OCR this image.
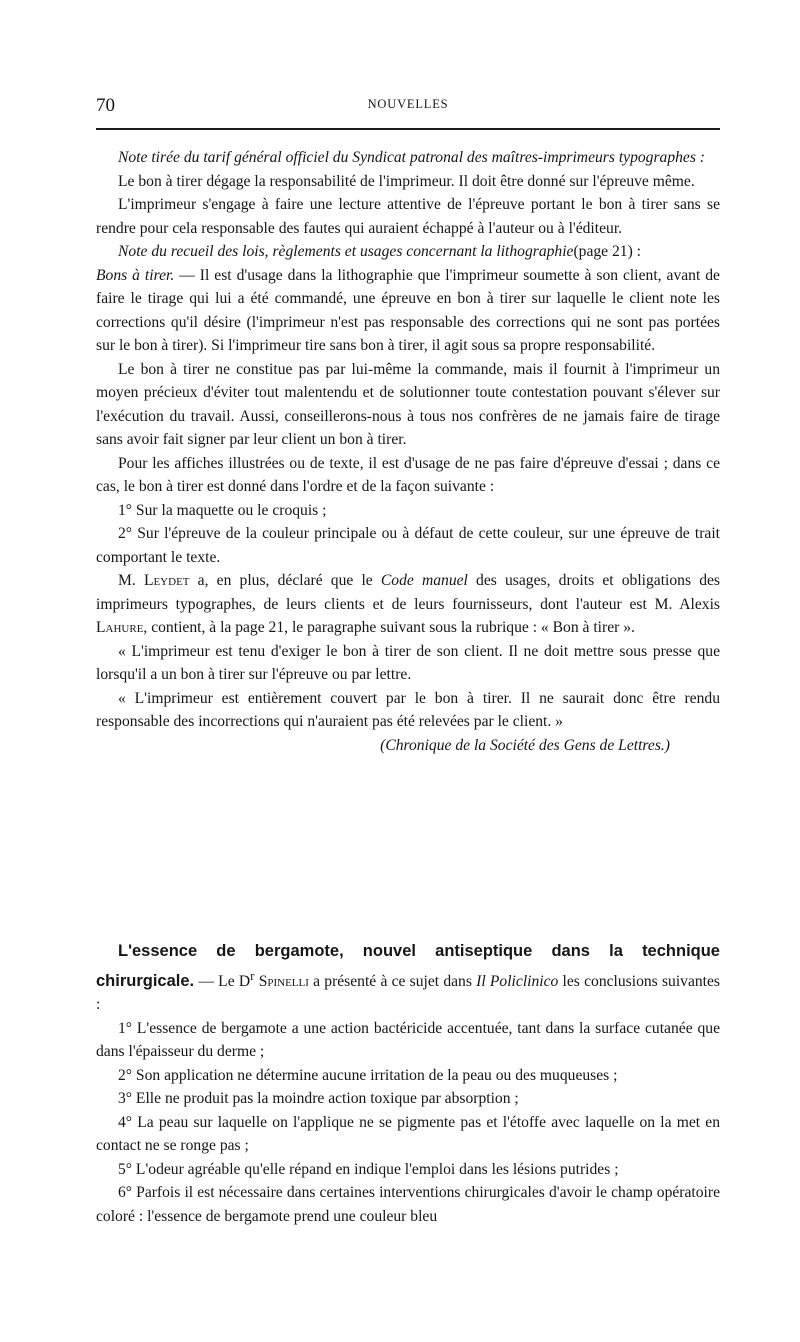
70	NOUVELLES

Note tirée du tarif général officiel du Syndicat patronal des maîtres-imprimeurs typographes :

Le bon à tirer dégage la responsabilité de l'imprimeur. Il doit être donné sur l'épreuve même.

L'imprimeur s'engage à faire une lecture attentive de l'épreuve portant le bon à tirer sans se rendre pour cela responsable des fautes qui auraient échappé à l'auteur ou à l'éditeur.

Note du recueil des lois, règlements et usages concernant la lithographie(page 21) :

Bons à tirer. — Il est d'usage dans la lithographie que l'imprimeur soumette à son client, avant de faire le tirage qui lui a été commandé, une épreuve en bon à tirer sur laquelle le client note les corrections qu'il désire (l'imprimeur n'est pas responsable des corrections qui ne sont pas portées sur le bon à tirer). Si l'imprimeur tire sans bon à tirer, il agit sous sa propre responsabilité.

Le bon à tirer ne constitue pas par lui-même la commande, mais il fournit à l'imprimeur un moyen précieux d'éviter tout malentendu et de solutionner toute contestation pouvant s'élever sur l'exécution du travail. Aussi, conseillerons-nous à tous nos confrères de ne jamais faire de tirage sans avoir fait signer par leur client un bon à tirer.

Pour les affiches illustrées ou de texte, il est d'usage de ne pas faire d'épreuve d'essai ; dans ce cas, le bon à tirer est donné dans l'ordre et de la façon suivante :

1° Sur la maquette ou le croquis ;

2° Sur l'épreuve de la couleur principale ou à défaut de cette couleur, sur une épreuve de trait comportant le texte.

M. Leydet a, en plus, déclaré que le Code manuel des usages, droits et obligations des imprimeurs typographes, de leurs clients et de leurs fournisseurs, dont l'auteur est M. Alexis Lahure, contient, à la page 21, le paragraphe suivant sous la rubrique : « Bon à tirer ».

« L'imprimeur est tenu d'exiger le bon à tirer de son client. Il ne doit mettre sous presse que lorsqu'il a un bon à tirer sur l'épreuve ou par lettre.

« L'imprimeur est entièrement couvert par le bon à tirer. Il ne saurait donc être rendu responsable des incorrections qui n'auraient pas été relevées par le client. »

(Chronique de la Société des Gens de Lettres.)

L'essence de bergamote, nouvel antiseptique dans la technique chirurgicale. — Le $D^r$ Spinelli a présenté à ce sujet dans Il Policlinico les conclusions suivantes :

1° L'essence de bergamote a une action bactéricide accentuée, tant dans la surface cutanée que dans l'épaisseur du derme ;

2° Son application ne détermine aucune irritation de la peau ou des muqueuses ;

3° Elle ne produit pas la moindre action toxique par absorption ;

4° La peau sur laquelle on l'applique ne se pigmente pas et l'étoffe avec laquelle on la met en contact ne se ronge pas ;

5° L'odeur agréable qu'elle répand en indique l'emploi dans les lésions putrides ;

6° Parfois il est nécessaire dans certaines interventions chirurgicales d'avoir le champ opératoire coloré : l'essence de bergamote prend une couleur bleu
